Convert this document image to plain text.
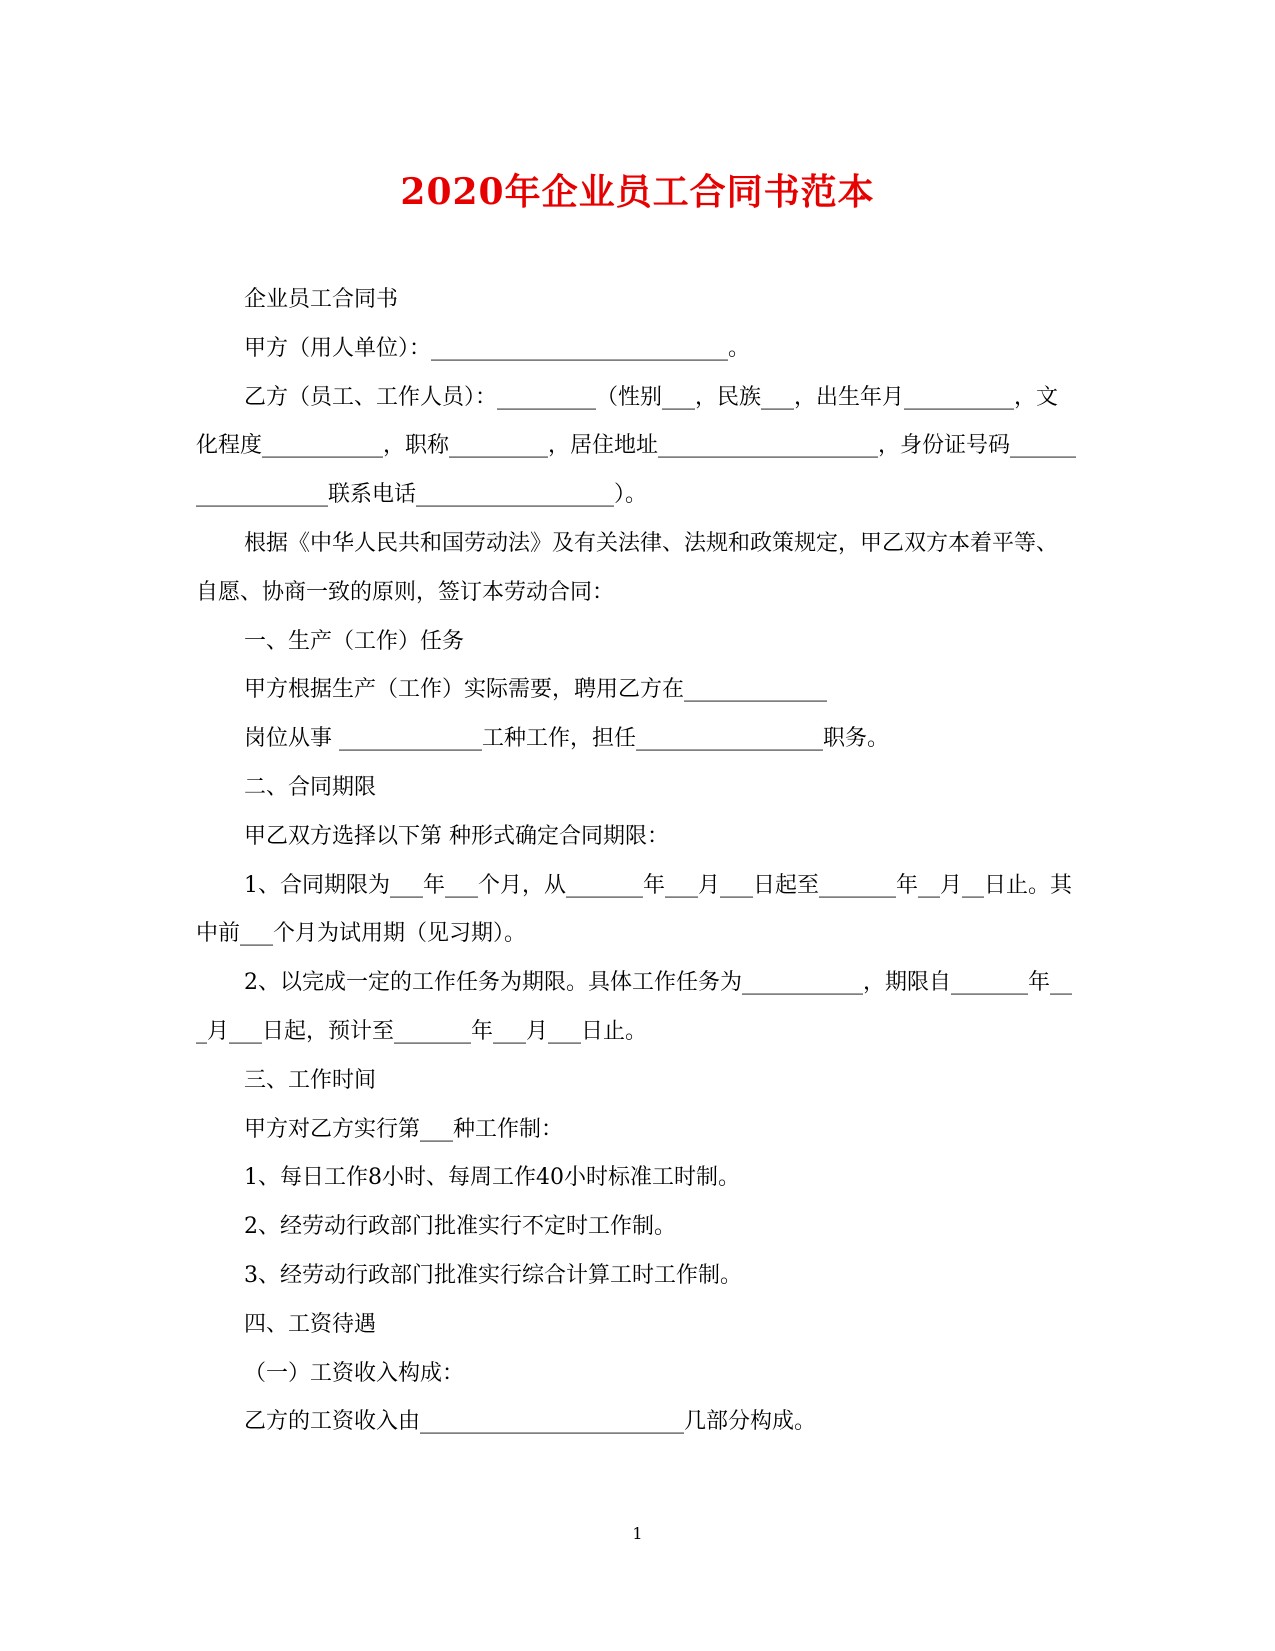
2020年企业员工合同书范本

企业员工合同书

甲方（用人单位）：___________________________。

乙方（员工、工作人员）：_________（性别___，民族___，出生年月__________，文化程度___________，职称_________，居住地址____________________，身份证号码__________________联系电话__________________）。

根据《中华人民共和国劳动法》及有关法律、法规和政策规定，甲乙双方本着平等、自愿、协商一致的原则，签订本劳动合同：

一、生产（工作）任务

甲方根据生产（工作）实际需要，聘用乙方在_____________

岗位从事 _____________工种工作，担任_________________职务。

二、合同期限

甲乙双方选择以下第 种形式确定合同期限：

1、合同期限为___年___个月，从_______年___月___日起至_______年__月__日止。其中前___个月为试用期（见习期）。

2、以完成一定的工作任务为期限。具体工作任务为___________，期限自_______年___月___日起，预计至_______年___月___日止。

三、工作时间

甲方对乙方实行第___种工作制：

1、每日工作8小时、每周工作40小时标准工时制。

2、经劳动行政部门批准实行不定时工作制。

3、经劳动行政部门批准实行综合计算工时工作制。

四、工资待遇

（一）工资收入构成：

乙方的工资收入由________________________几部分构成。

1
